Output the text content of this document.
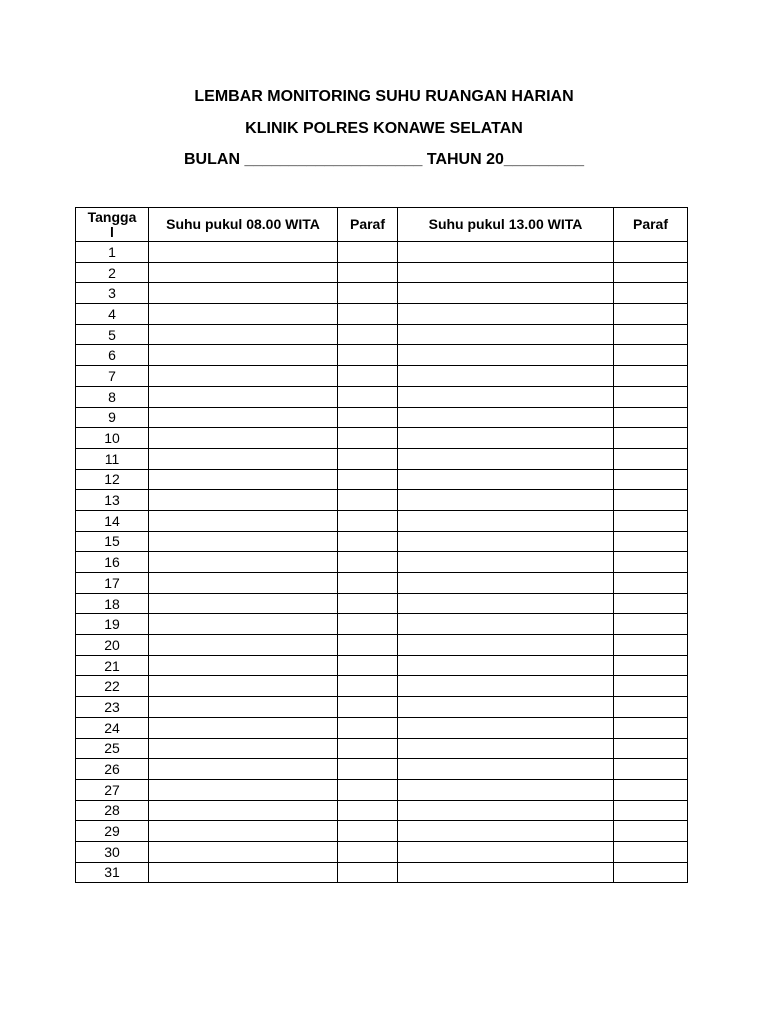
LEMBAR MONITORING SUHU RUANGAN HARIAN
KLINIK POLRES KONAWE SELATAN
BULAN ____________________ TAHUN 20_________
Tangga
l	Suhu pukul 08.00 WITA	Paraf	Suhu pukul 13.00 WITA	Paraf
1				
2				
3				
4				
5				
6				
7				
8				
9				
10				
11				
12				
13				
14				
15				
16				
17				
18				
19				
20				
21				
22				
23				
24				
25				
26				
27				
28				
29				
30				
31				
